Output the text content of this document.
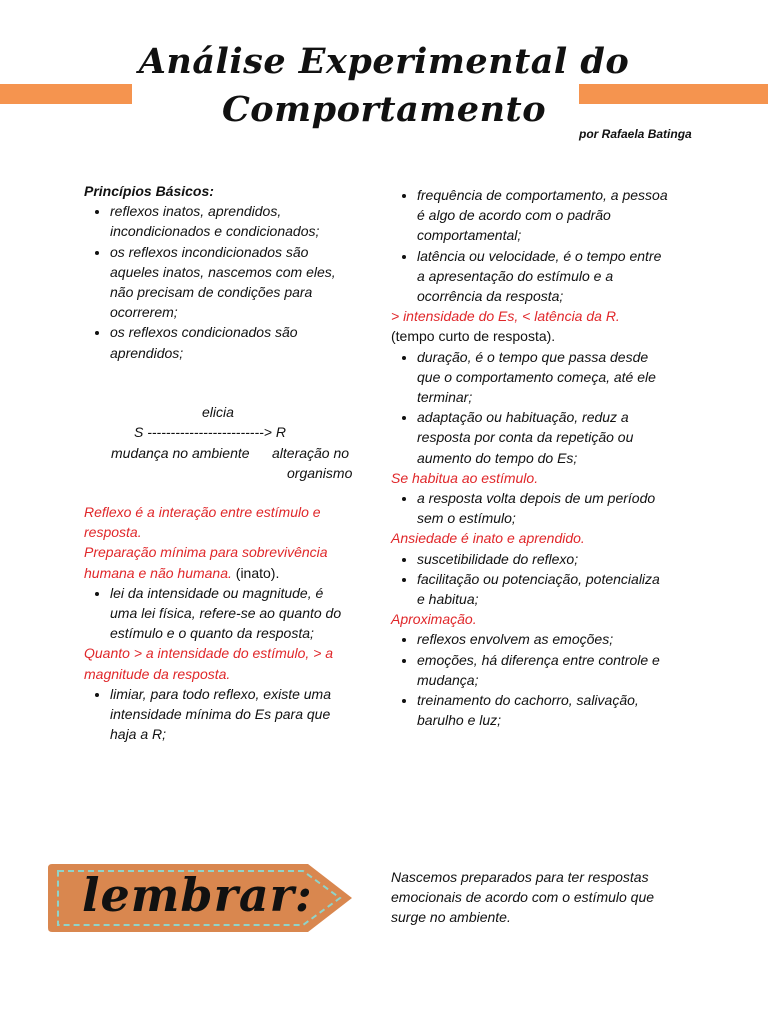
Análise Experimental do
Comportamento
por Rafaela Batinga

Princípios Básicos:

• reflexos inatos, aprendidos, incondicionados e condicionados;
• os reflexos incondicionados são aqueles inatos, nascemos com eles, não precisam de condições para ocorrerem;
• os reflexos condicionados são aprendidos;
elicia
S -------------------------> R
mudança no ambiente alteração no
organismo

Reflexo é a interação entre estímulo e resposta.

Preparação mínima para sobrevivência humana e não humana. (inato).

• lei da intensidade ou magnitude, é uma lei física, refere-se ao quanto do estímulo e o quanto da resposta;

Quanto > a intensidade do estímulo, > a magnitude da resposta.

• limiar, para todo reflexo, existe uma intensidade mínima do Es para que haja a R;
• frequência de comportamento, a pessoa é algo de acordo com o padrão comportamental;
• latência ou velocidade, é o tempo entre a apresentação do estímulo e a ocorrência da resposta;

> intensidade do Es, < latência da R.

(tempo curto de resposta).

• duração, é o tempo que passa desde que o comportamento começa, até ele terminar;
• adaptação ou habituação, reduz a resposta por conta da repetição ou aumento do tempo do Es;

Se habitua ao estímulo.

• a resposta volta depois de um período sem o estímulo;

Ansiedade é inato e aprendido.

• suscetibilidade do reflexo;
• facilitação ou potenciação, potencializa e habitua;

Aproximação.

• reflexos envolvem as emoções;
• emoções, há diferença entre controle e mudança;
• treinamento do cachorro, salivação, barulho e luz;
lembrar:	Nascemos preparados para ter respostas emocionais de acordo com o estímulo que surge no ambiente.
